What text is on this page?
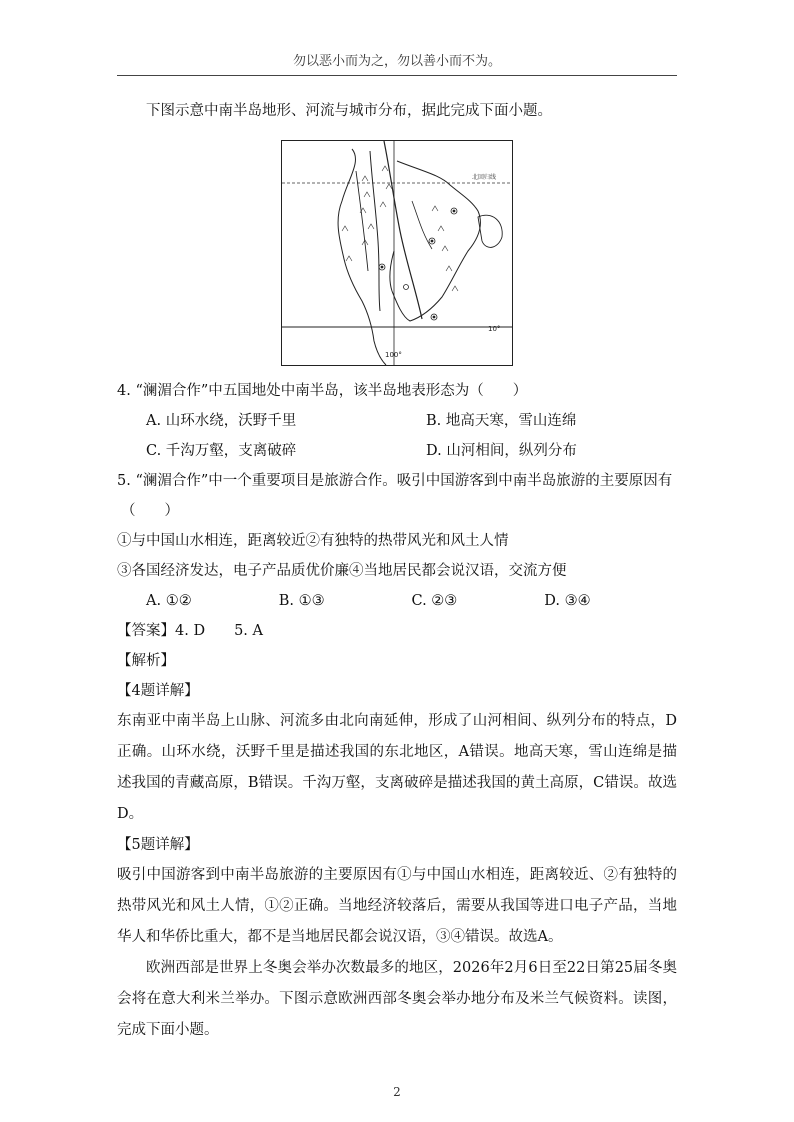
勿以恶小而为之，勿以善小而不为。

下图示意中南半岛地形、河流与城市分布，据此完成下面小题。

北回归线
10°
100°

4. “澜湄合作”中五国地处中南半岛，该半岛地表形态为（　　）

A. 山环水绕，沃野千里	B. 地高天寒，雪山连绵
C. 千沟万壑，支离破碎	D. 山河相间，纵列分布

5. “澜湄合作”中一个重要项目是旅游合作。吸引中国游客到中南半岛旅游的主要原因有

（　　）

①与中国山水相连，距离较近②有独特的热带风光和风土人情

③各国经济发达，电子产品质优价廉④当地居民都会说汉语，交流方便

A. ①②	B. ①③	C. ②③	D. ③④

【答案】4. D　　5. A

【解析】

【4题详解】

东南亚中南半岛上山脉、河流多由北向南延伸，形成了山河相间、纵列分布的特点，D正确。山环水绕，沃野千里是描述我国的东北地区，A错误。地高天寒，雪山连绵是描述我国的青藏高原，B错误。千沟万壑，支离破碎是描述我国的黄土高原，C错误。故选D。

【5题详解】

吸引中国游客到中南半岛旅游的主要原因有①与中国山水相连，距离较近、②有独特的热带风光和风土人情，①②正确。当地经济较落后，需要从我国等进口电子产品，当地华人和华侨比重大，都不是当地居民都会说汉语，③④错误。故选A。

欧洲西部是世界上冬奥会举办次数最多的地区，2026年2月6日至22日第25届冬奥会将在意大利米兰举办。下图示意欧洲西部冬奥会举办地分布及米兰气候资料。读图，完成下面小题。

2
